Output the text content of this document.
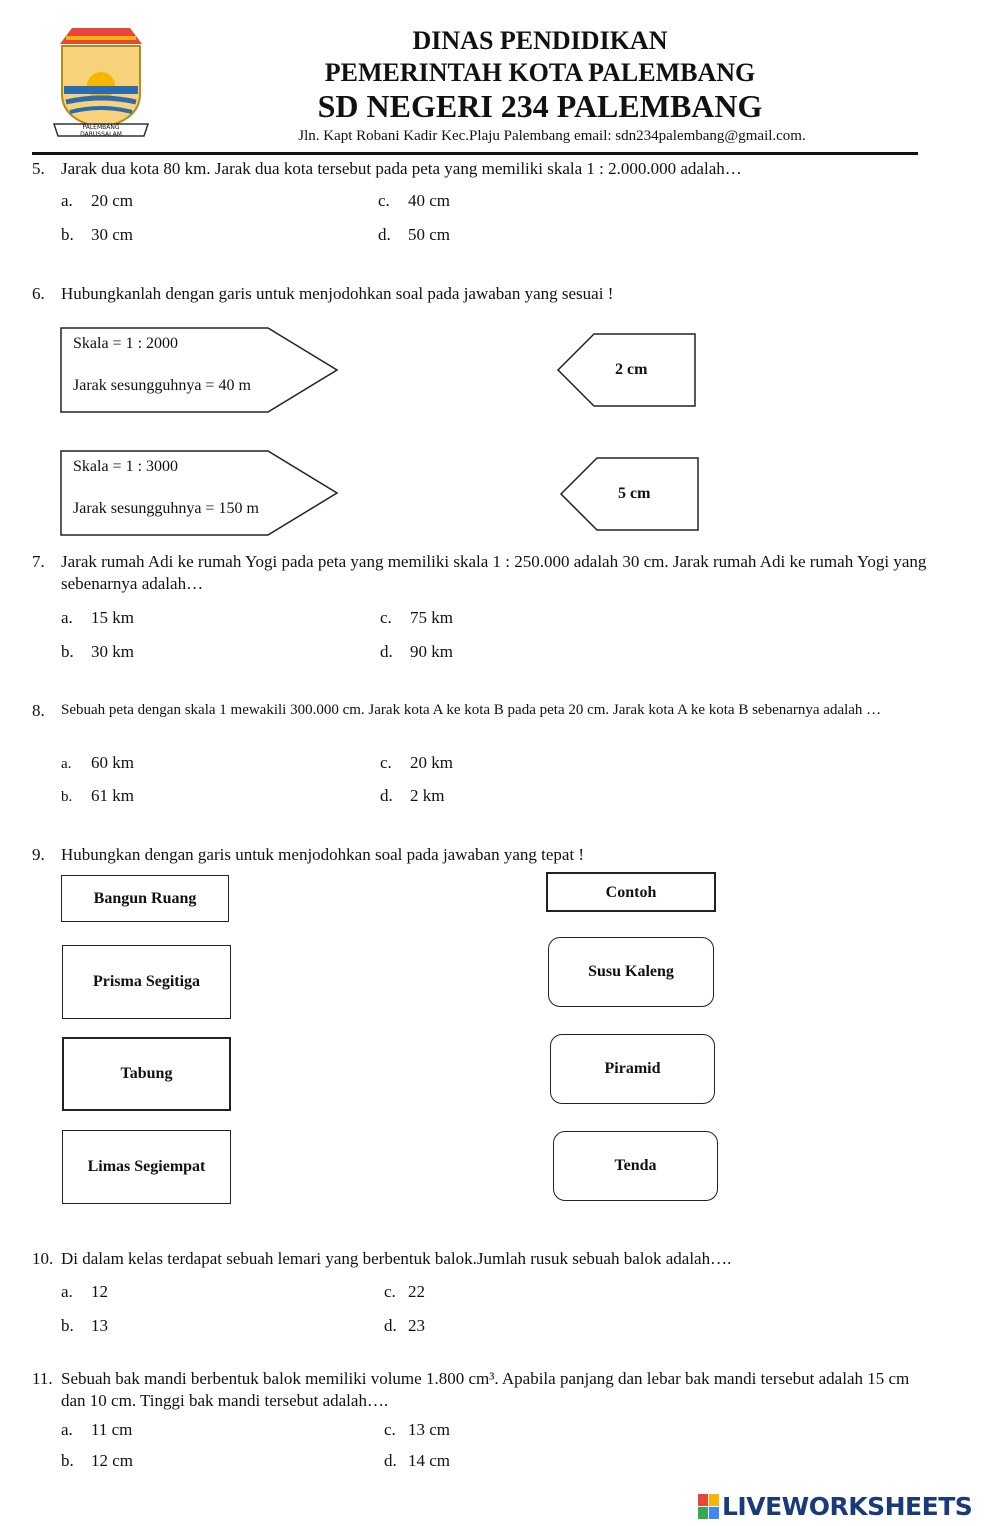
PALEMBANG DARUSSALAM
DINAS PENDIDIKAN
PEMERINTAH KOTA PALEMBANG
SD NEGERI 234 PALEMBANG
Jln. Kapt Robani Kadir Kec.Plaju Palembang email: sdn234palembang@gmail.com.
5. Jarak dua kota 80 km. Jarak dua kota tersebut pada peta yang memiliki skala 1 : 2.000.000 adalah…
a. 20 cm
b. 30 cm
c. 40 cm
d. 50 cm
6. Hubungkanlah dengan garis untuk menjodohkan soal pada jawaban yang sesuai !
Skala = 1 : 2000
Jarak sesungguhnya = 40 m
Skala = 1 : 3000
Jarak sesungguhnya = 150 m
2 cm
5 cm
7. Jarak rumah Adi ke rumah Yogi pada peta yang memiliki skala 1 : 250.000 adalah 30 cm. Jarak rumah Adi ke rumah Yogi yang sebenarnya adalah…
a. 15 km
b. 30 km
c. 75 km
d. 90 km
8. Sebuah peta dengan skala 1 mewakili 300.000 cm. Jarak kota A ke kota B pada peta 20 cm. Jarak kota A ke kota B sebenarnya adalah …
a. 60 km
b. 61 km
c. 20 km
d. 2 km
9. Hubungkan dengan garis untuk menjodohkan soal pada jawaban yang tepat !
Bangun Ruang
Prisma Segitiga
Tabung
Limas Segiempat
Contoh
Susu Kaleng
Piramid
Tenda
10. Di dalam kelas terdapat sebuah lemari yang berbentuk balok.Jumlah rusuk sebuah balok adalah….
a. 12
b. 13
c. 22
d. 23
11. Sebuah bak mandi berbentuk balok memiliki volume 1.800 cm³. Apabila panjang dan lebar bak mandi tersebut adalah 15 cm dan 10 cm. Tinggi bak mandi tersebut adalah….
a. 11 cm
b. 12 cm
c. 13 cm
d. 14 cm
LIVEWORKSHEETS
